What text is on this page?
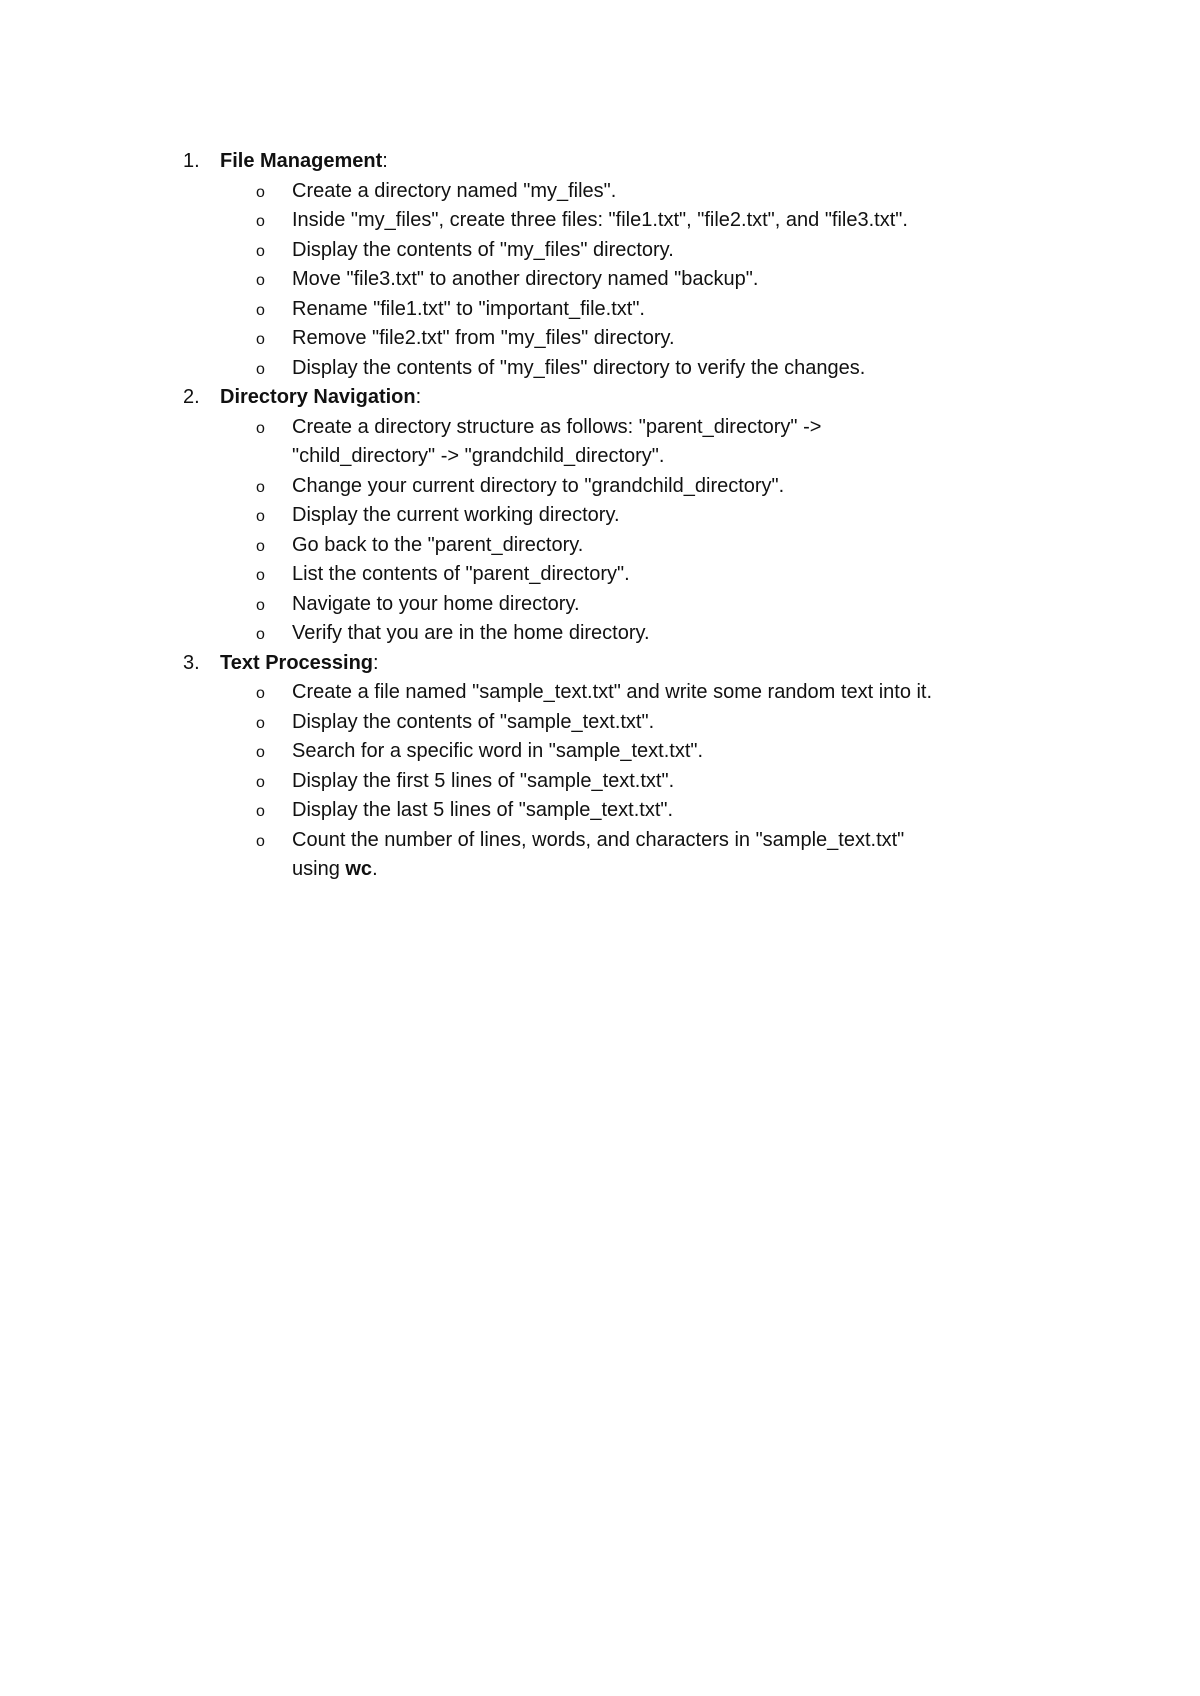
1. File Management:
o Create a directory named "my_files".
o Inside "my_files", create three files: "file1.txt", "file2.txt", and "file3.txt".
o Display the contents of "my_files" directory.
o Move "file3.txt" to another directory named "backup".
o Rename "file1.txt" to "important_file.txt".
o Remove "file2.txt" from "my_files" directory.
o Display the contents of "my_files" directory to verify the changes.
2. Directory Navigation:
o Create a directory structure as follows: "parent_directory" -> "child_directory" -> "grandchild_directory".
o Change your current directory to "grandchild_directory".
o Display the current working directory.
o Go back to the "parent_directory.
o List the contents of "parent_directory".
o Navigate to your home directory.
o Verify that you are in the home directory.
3. Text Processing:
o Create a file named "sample_text.txt" and write some random text into it.
o Display the contents of "sample_text.txt".
o Search for a specific word in "sample_text.txt".
o Display the first 5 lines of "sample_text.txt".
o Display the last 5 lines of "sample_text.txt".
o Count the number of lines, words, and characters in "sample_text.txt" using wc.
